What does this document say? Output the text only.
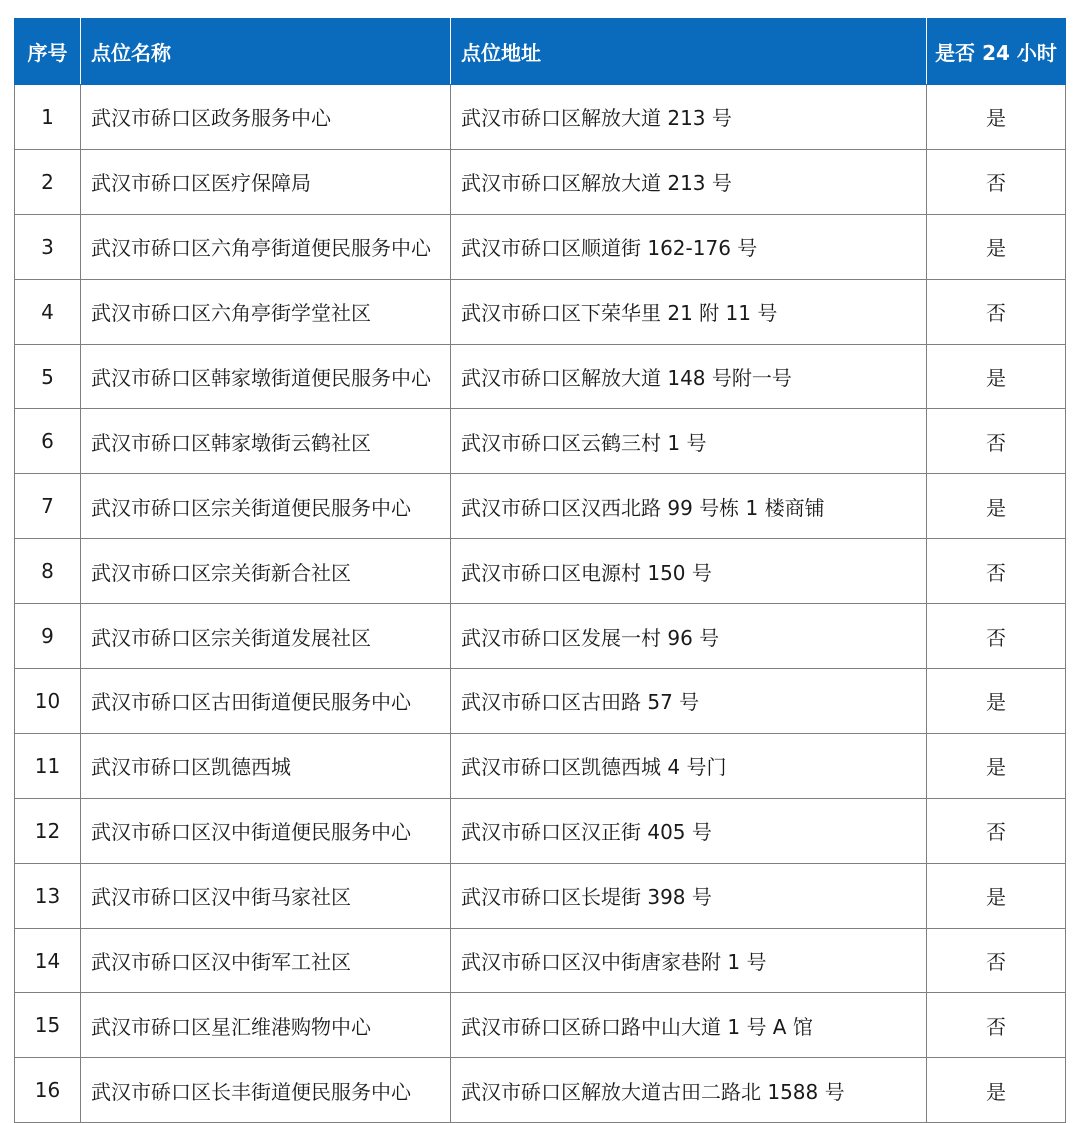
序号	点位名称	点位地址	是否 24 小时
1	武汉市硚口区政务服务中心	武汉市硚口区解放大道 213 号	是
2	武汉市硚口区医疗保障局	武汉市硚口区解放大道 213 号	否
3	武汉市硚口区六角亭街道便民服务中心	武汉市硚口区顺道街 162-176 号	是
4	武汉市硚口区六角亭街学堂社区	武汉市硚口区下荣华里 21 附 11 号	否
5	武汉市硚口区韩家墩街道便民服务中心	武汉市硚口区解放大道 148 号附一号	是
6	武汉市硚口区韩家墩街云鹤社区	武汉市硚口区云鹤三村 1 号	否
7	武汉市硚口区宗关街道便民服务中心	武汉市硚口区汉西北路 99 号栋 1 楼商铺	是
8	武汉市硚口区宗关街新合社区	武汉市硚口区电源村 150 号	否
9	武汉市硚口区宗关街道发展社区	武汉市硚口区发展一村 96 号	否
10	武汉市硚口区古田街道便民服务中心	武汉市硚口区古田路 57 号	是
11	武汉市硚口区凯德西城	武汉市硚口区凯德西城 4 号门	是
12	武汉市硚口区汉中街道便民服务中心	武汉市硚口区汉正街 405 号	否
13	武汉市硚口区汉中街马家社区	武汉市硚口区长堤街 398 号	是
14	武汉市硚口区汉中街军工社区	武汉市硚口区汉中街唐家巷附 1 号	否
15	武汉市硚口区星汇维港购物中心	武汉市硚口区硚口路中山大道 1 号 A 馆	否
16	武汉市硚口区长丰街道便民服务中心	武汉市硚口区解放大道古田二路北 1588 号	是
